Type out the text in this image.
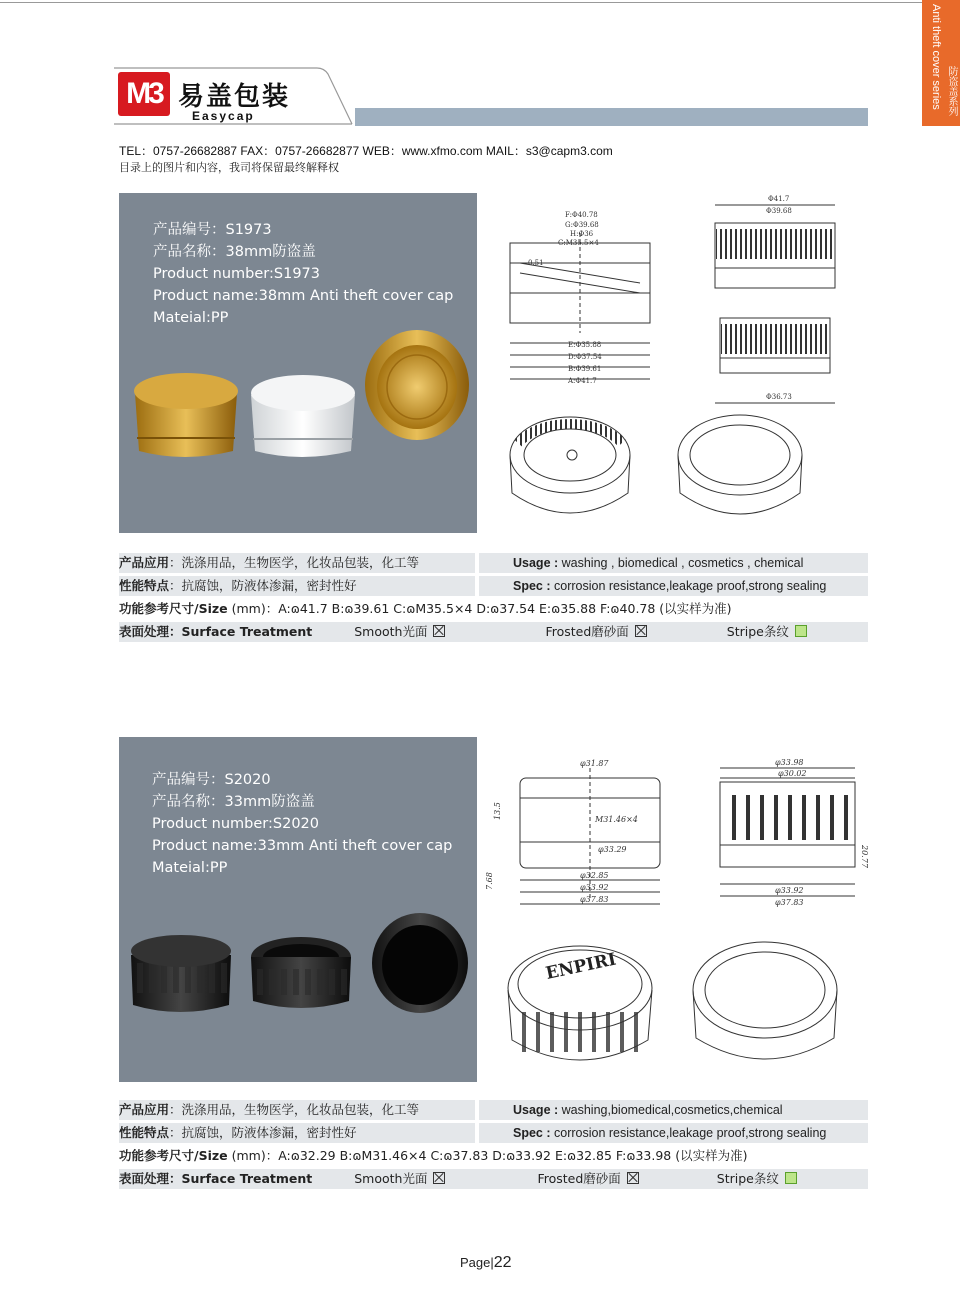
M3 易盖包装
Easycap
Anti theft cover series 防盗盖系列
TEL：0757-26682887 FAX：0757-26682877 WEB：www.xfmo.com MAIL：s3@capm3.com
目录上的图片和内容，我司将保留最终解释权
产品编号：S1973
产品名称：38mm防盗盖
Product number:S1973
Product name:38mm Anti theft cover cap
Mateial:PP
F:Φ40.78
G:Φ39.68
H:Φ36
C:M35.5×4
0.51
E:Φ35.88
D:Φ37.54
B:Φ39.61
A:Φ41.7
Φ41.7
Φ39.68
Φ36.73
产品应用：洗涤用品，生物医学，化妆品包装，化工等	Usage : washing , biomedical , cosmetics , chemical
性能特点：抗腐蚀，防液体渗漏，密封性好	Spec : corrosion resistance,leakage proof,strong sealing
功能参考尺寸/Size (mm)：A:ɷ41.7 B:ɷ39.61 C:ɷM35.5×4 D:ɷ37.54 E:ɷ35.88 F:ɷ40.78 (以实样为准)
表面处理：Surface Treatment	Smooth光面	Frosted磨砂面	Stripe条纹
产品编号：S2020
产品名称：33mm防盗盖
Product number:S2020
Product name:33mm Anti theft cover cap
Mateial:PP
φ31.87
M31.46×4
φ33.29
φ32.85
φ33.92
φ37.83
13.5
7.68
φ33.98
φ30.02
20.77
φ33.92
φ37.83
ENPIRI
产品应用：洗涤用品，生物医学，化妆品包装，化工等	Usage : washing,biomedical,cosmetics,chemical
性能特点：抗腐蚀，防液体渗漏，密封性好	Spec : corrosion resistance,leakage proof,strong sealing
功能参考尺寸/Size (mm)：A:ɷ32.29 B:ɷM31.46×4 C:ɷ37.83 D:ɷ33.92 E:ɷ32.85 F:ɷ33.98 (以实样为准)
表面处理：Surface Treatment	Smooth光面	Frosted磨砂面	Stripe条纹
Page|22
